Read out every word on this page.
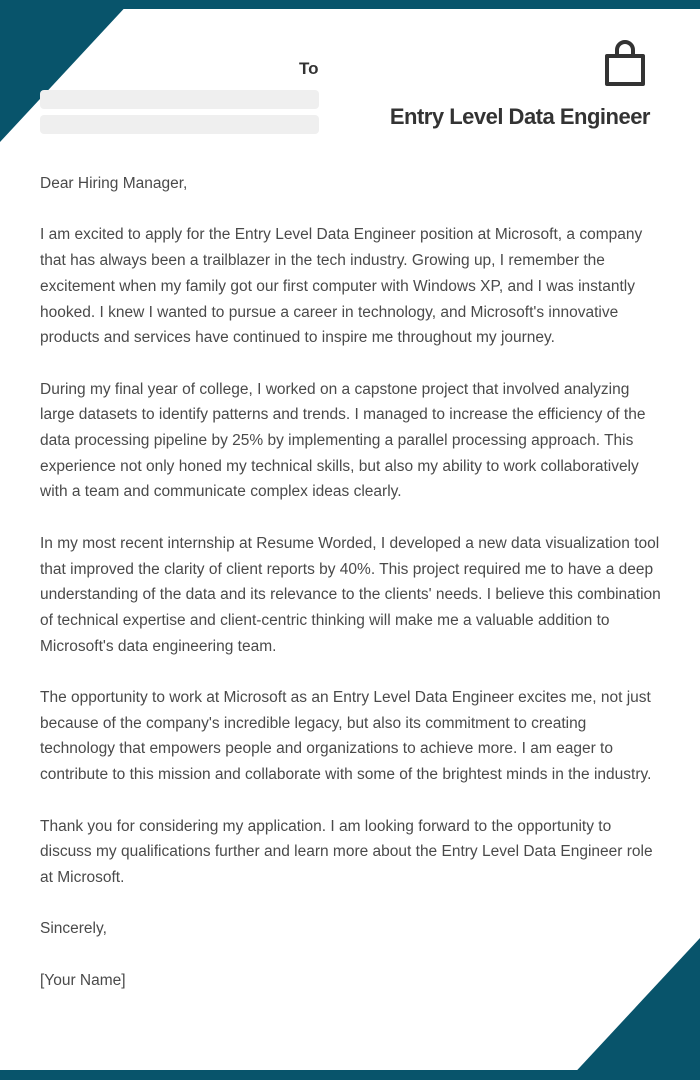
To
Entry Level Data Engineer

Dear Hiring Manager,

I am excited to apply for the Entry Level Data Engineer position at Microsoft, a company that has always been a trailblazer in the tech industry. Growing up, I remember the excitement when my family got our first computer with Windows XP, and I was instantly hooked. I knew I wanted to pursue a career in technology, and Microsoft's innovative products and services have continued to inspire me throughout my journey.

During my final year of college, I worked on a capstone project that involved analyzing large datasets to identify patterns and trends. I managed to increase the efficiency of the data processing pipeline by 25% by implementing a parallel processing approach. This experience not only honed my technical skills, but also my ability to work collaboratively with a team and communicate complex ideas clearly.

In my most recent internship at Resume Worded, I developed a new data visualization tool that improved the clarity of client reports by 40%. This project required me to have a deep understanding of the data and its relevance to the clients' needs. I believe this combination of technical expertise and client-centric thinking will make me a valuable addition to Microsoft's data engineering team.

The opportunity to work at Microsoft as an Entry Level Data Engineer excites me, not just because of the company's incredible legacy, but also its commitment to creating technology that empowers people and organizations to achieve more. I am eager to contribute to this mission and collaborate with some of the brightest minds in the industry.

Thank you for considering my application. I am looking forward to the opportunity to discuss my qualifications further and learn more about the Entry Level Data Engineer role at Microsoft.

Sincerely,

[Your Name]
